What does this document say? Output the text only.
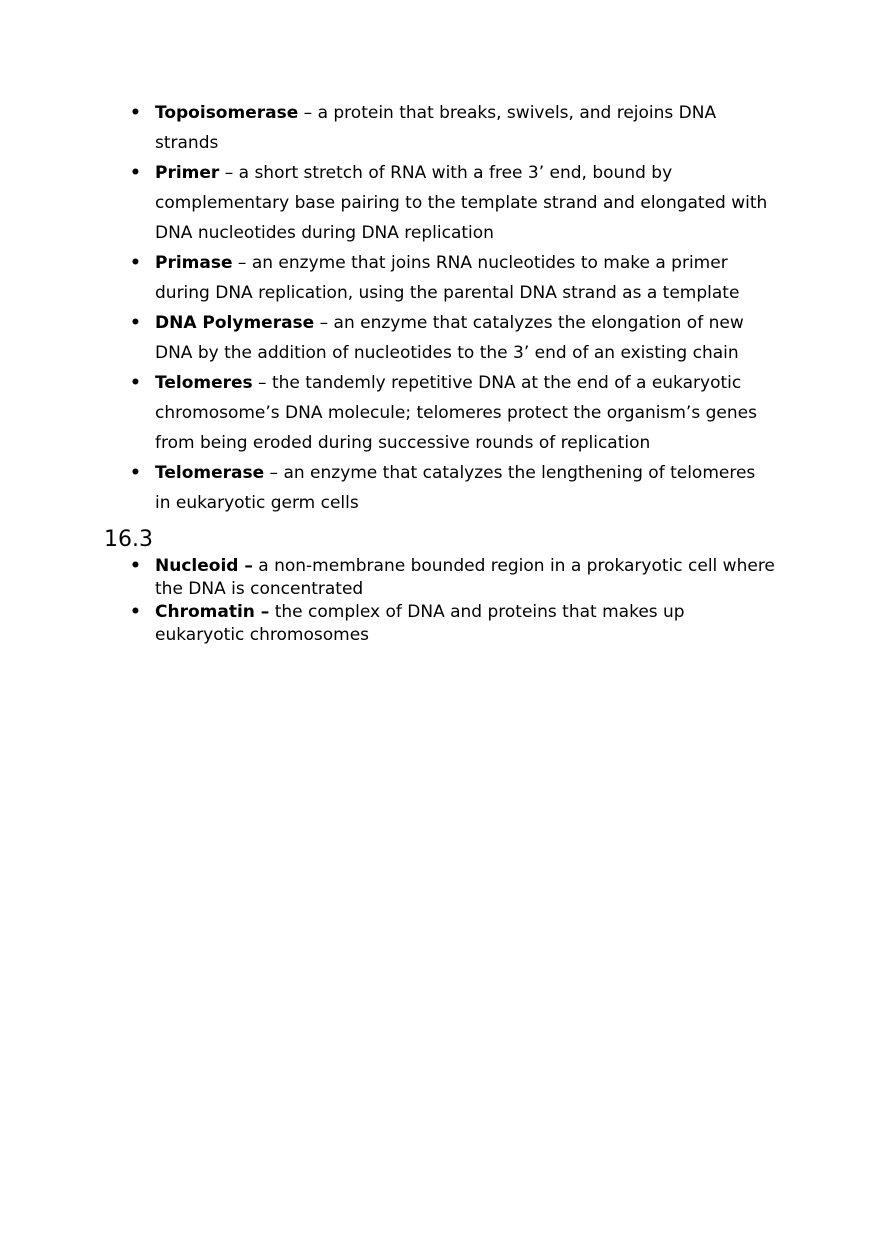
• Topoisomerase – a protein that breaks, swivels, and rejoins DNA strands
• Primer – a short stretch of RNA with a free 3’ end, bound by complementary base pairing to the template strand and elongated with DNA nucleotides during DNA replication
• Primase – an enzyme that joins RNA nucleotides to make a primer during DNA replication, using the parental DNA strand as a template
• DNA Polymerase – an enzyme that catalyzes the elongation of new DNA by the addition of nucleotides to the 3’ end of an existing chain
• Telomeres – the tandemly repetitive DNA at the end of a eukaryotic chromosome’s DNA molecule; telomeres protect the organism’s genes from being eroded during successive rounds of replication
• Telomerase – an enzyme that catalyzes the lengthening of telomeres in eukaryotic germ cells
16.3
• Nucleoid – a non-membrane bounded region in a prokaryotic cell where the DNA is concentrated
• Chromatin – the complex of DNA and proteins that makes up eukaryotic chromosomes
